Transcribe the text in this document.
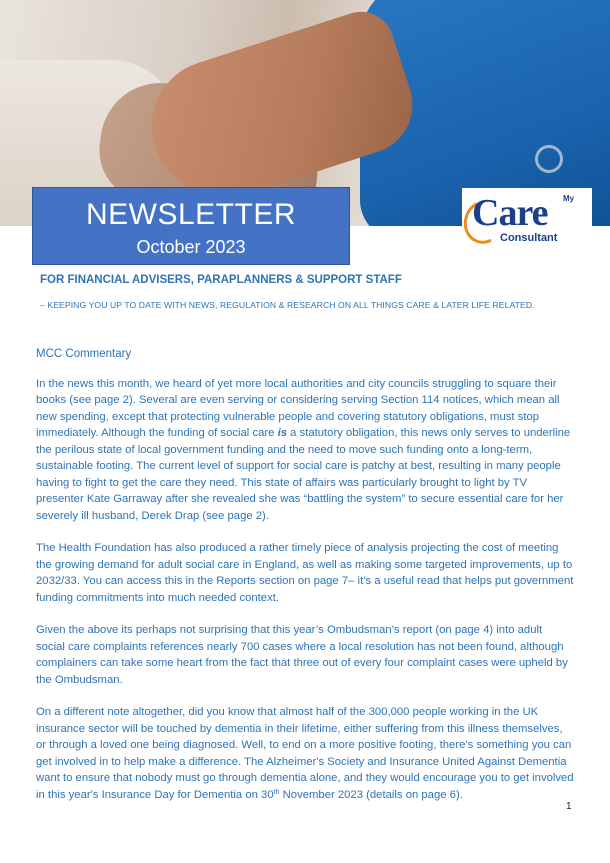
NEWSLETTER
October 2023
My
Care
Consultant
FOR FINANCIAL ADVISERS, PARAPLANNERS & SUPPORT STAFF
– KEEPING YOU UP TO DATE WITH NEWS, REGULATION & RESEARCH ON ALL THINGS CARE & LATER LIFE RELATED.
MCC Commentary

In the news this month, we heard of yet more local authorities and city councils struggling to square their books (see page 2). Several are even serving or considering serving Section 114 notices, which mean all new spending, except that protecting vulnerable people and covering statutory obligations, must stop immediately. Although the funding of social care is a statutory obligation, this news only serves to underline the perilous state of local government funding and the need to move such funding onto a long-term, sustainable footing. The current level of support for social care is patchy at best, resulting in many people having to fight to get the care they need. This state of affairs was particularly brought to light by TV presenter Kate Garraway after she revealed she was “battling the system” to secure essential care for her severely ill husband, Derek Drap (see page 2).

The Health Foundation has also produced a rather timely piece of analysis projecting the cost of meeting the growing demand for adult social care in England, as well as making some targeted improvements, up to 2032/33. You can access this in the Reports section on page 7– it’s a useful read that helps put government funding commitments into much needed context.

Given the above its perhaps not surprising that this year’s Ombudsman’s report (on page 4) into adult social care complaints references nearly 700 cases where a local resolution has not been found, although complainers can take some heart from the fact that three out of every four complaint cases were upheld by the Ombudsman.

On a different note altogether, did you know that almost half of the 300,000 people working in the UK insurance sector will be touched by dementia in their lifetime, either suffering from this illness themselves, or through a loved one being diagnosed. Well, to end on a more positive footing, there’s something you can get involved in to help make a difference. The Alzheimer's Society and Insurance United Against Dementia want to ensure that nobody must go through dementia alone, and they would encourage you to get involved in this year's Insurance Day for Dementia on 30th November 2023 (details on page 6).

1
